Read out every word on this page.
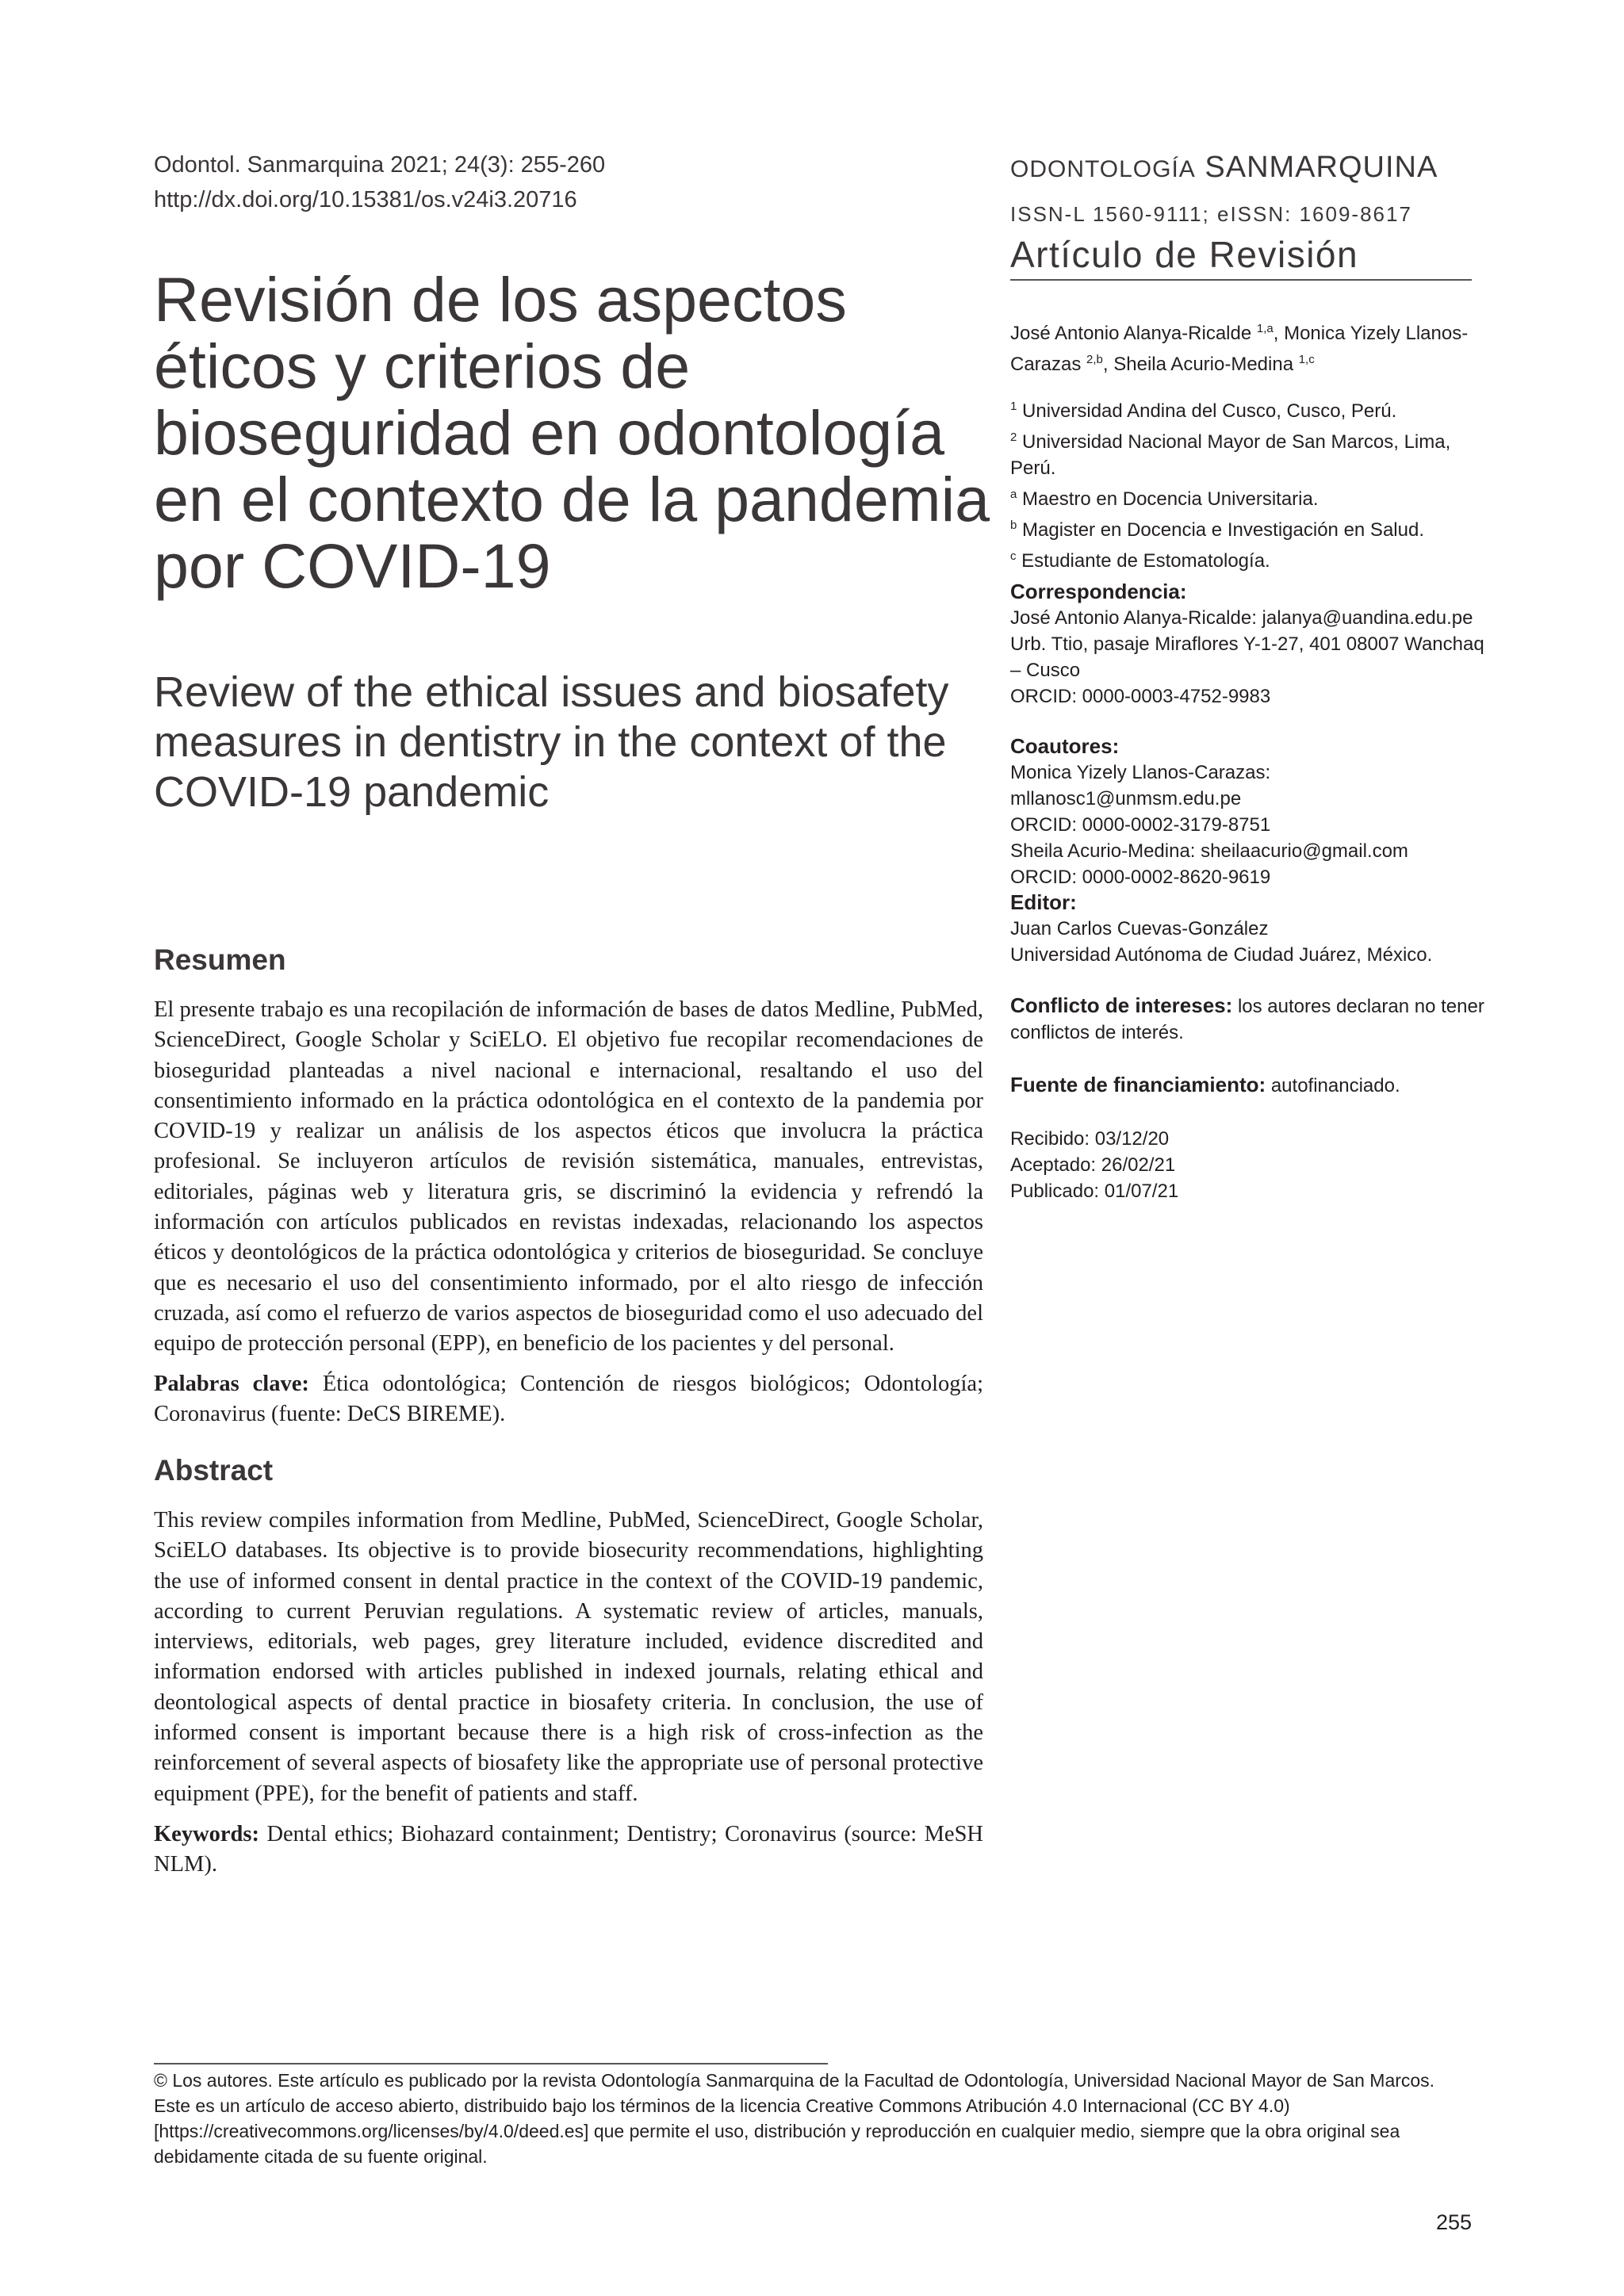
Odontol. Sanmarquina 2021; 24(3): 255-260
http://dx.doi.org/10.15381/os.v24i3.20716
Revisión de los aspectos éticos y criterios de bioseguridad en odontología en el contexto de la pandemia por COVID-19
Review of the ethical issues and biosafety measures in dentistry in the context of the COVID-19 pandemic
Resumen

El presente trabajo es una recopilación de información de bases de datos Medline, PubMed, ScienceDirect, Google Scholar y SciELO. El objetivo fue recopilar recomendaciones de bioseguridad planteadas a nivel nacional e internacional, resaltando el uso del consentimiento informado en la práctica odontológica en el contexto de la pandemia por COVID-19 y realizar un análisis de los aspectos éticos que involucra la práctica profesional. Se incluyeron artículos de revisión sistemática, manuales, entrevistas, editoriales, páginas web y literatura gris, se discriminó la evidencia y refrendó la información con artículos publicados en revistas indexadas, relacionando los aspectos éticos y deontológicos de la práctica odontológica y criterios de bioseguridad. Se concluye que es necesario el uso del consentimiento informado, por el alto riesgo de infección cruzada, así como el refuerzo de varios aspectos de bioseguridad como el uso adecuado del equipo de protección personal (EPP), en beneficio de los pacientes y del personal.

Palabras clave: Ética odontológica; Contención de riesgos biológicos; Odontología; Coronavirus (fuente: DeCS BIREME).

Abstract

This review compiles information from Medline, PubMed, ScienceDirect, Google Scholar, SciELO databases. Its objective is to provide biosecurity recommendations, highlighting the use of informed consent in dental practice in the context of the COVID-19 pandemic, according to current Peruvian regulations. A systematic review of articles, manuals, interviews, editorials, web pages, grey literature included, evidence discredited and information endorsed with articles published in indexed journals, relating ethical and deontological aspects of dental practice in biosafety criteria. In conclusion, the use of informed consent is important because there is a high risk of cross-infection as the reinforcement of several aspects of biosafety like the appropriate use of personal protective equipment (PPE), for the benefit of patients and staff.

Keywords: Dental ethics; Biohazard containment; Dentistry; Coronavirus (source: MeSH NLM).

ODONTOLOGÍA SANMARQUINA
ISSN-L 1560-9111; eISSN: 1609-8617
Artículo de Revisión
José Antonio Alanya-Ricalde $^{1,a}$, Monica Yizely Llanos-Carazas $^{2,b}$, Sheila Acurio-Medina $^{1,c}$
$^1$ Universidad Andina del Cusco, Cusco, Perú.
$^2$ Universidad Nacional Mayor de San Marcos, Lima, Perú.
$^a$ Maestro en Docencia Universitaria.
$^b$ Magister en Docencia e Investigación en Salud.
$^c$ Estudiante de Estomatología.
Correspondencia:
José Antonio Alanya-Ricalde: jalanya@uandina.edu.pe
Urb. Ttio, pasaje Miraflores Y-1-27, 401 08007 Wanchaq – Cusco
ORCID: 0000-0003-4752-9983
Coautores:
Monica Yizely Llanos-Carazas: mllanosc1@unmsm.edu.pe
ORCID: 0000-0002-3179-8751
Sheila Acurio-Medina: sheilaacurio@gmail.com
ORCID: 0000-0002-8620-9619
Editor:
Juan Carlos Cuevas-González
Universidad Autónoma de Ciudad Juárez, México.
Conflicto de intereses: los autores declaran no tener conflictos de interés.
Fuente de financiamiento: autofinanciado.
Recibido: 03/12/20
Aceptado: 26/02/21
Publicado: 01/07/21
© Los autores. Este artículo es publicado por la revista Odontología Sanmarquina de la Facultad de Odontología, Universidad Nacional Mayor de San Marcos. Este es un artículo de acceso abierto, distribuido bajo los términos de la licencia Creative Commons Atribución 4.0 Internacional (CC BY 4.0) [https://creativecommons.org/licenses/by/4.0/deed.es] que permite el uso, distribución y reproducción en cualquier medio, siempre que la obra original sea debidamente citada de su fuente original.
255
